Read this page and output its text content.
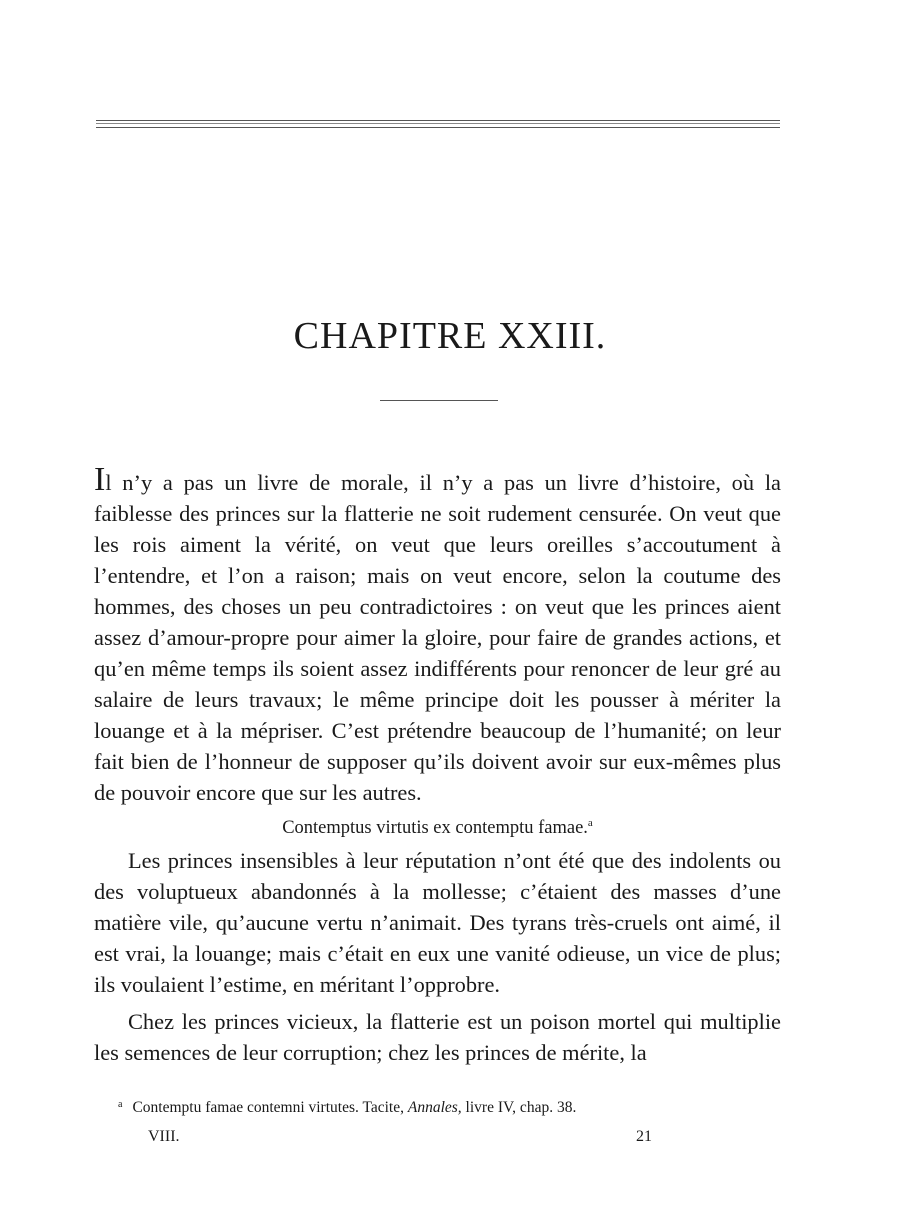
CHAPITRE XXIII.

Il n’y a pas un livre de morale, il n’y a pas un livre d’histoire, où la faiblesse des princes sur la flatterie ne soit rudement censurée. On veut que les rois aiment la vérité, on veut que leurs oreilles s’accoutument à l’entendre, et l’on a raison; mais on veut encore, selon la coutume des hommes, des choses un peu contradictoires : on veut que les princes aient assez d’amour-propre pour aimer la gloire, pour faire de grandes actions, et qu’en même temps ils soient assez indifférents pour renoncer de leur gré au salaire de leurs travaux; le même principe doit les pousser à mériter la louange et à la mépriser. C’est prétendre beaucoup de l’humanité; on leur fait bien de l’honneur de supposer qu’ils doivent avoir sur eux-mêmes plus de pouvoir encore que sur les autres.

Contemptus virtutis ex contemptu famae.$^a$

Les princes insensibles à leur réputation n’ont été que des indolents ou des voluptueux abandonnés à la mollesse; c’étaient des masses d’une matière vile, qu’aucune vertu n’animait. Des tyrans très-cruels ont aimé, il est vrai, la louange; mais c’était en eux une vanité odieuse, un vice de plus; ils voulaient l’estime, en méritant l’opprobre.

Chez les princes vicieux, la flatterie est un poison mortel qui multiplie les semences de leur corruption; chez les princes de mérite, la

$^a$ Contemptu famae contemni virtutes. Tacite, Annales, livre IV, chap. 38.
VIII.	21
